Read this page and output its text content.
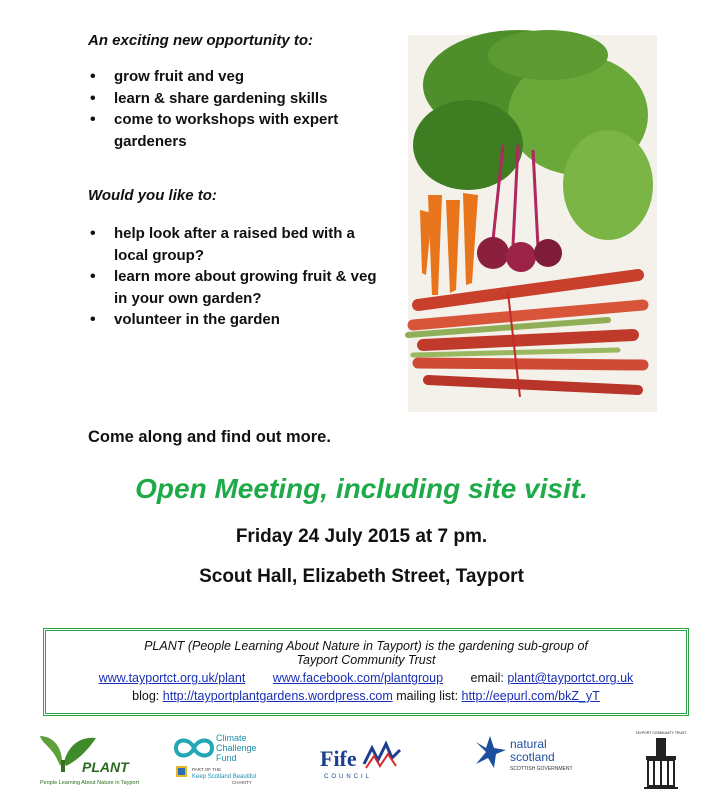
An exciting new opportunity to:
• grow fruit and veg
• learn & share gardening skills
• come to workshops with expert gardeners
Would you like to:
• help look after a raised bed with a local group?
• learn more about growing fruit & veg in your own garden?
• volunteer in the garden
Come along and find out more.
Open Meeting, including site visit.
Friday 24 July 2015 at 7 pm.
Scout Hall, Elizabeth Street, Tayport
PLANT (People Learning About Nature in Tayport) is the gardening sub-group of
Tayport Community Trust
www.tayportct.org.uk/plant www.facebook.com/plantgroup email: plant@tayportct.org.uk
blog: http://tayportplantgardens.wordpress.com mailing list: http://eepurl.com/bkZ_yT
PLANT
People Learning About Nature in Tayport
Climate
Challenge
Fund
PART OF THE
Keep Scotland Beautiful
CHARITY
Fife
COUNCIL
natural
scotland
SCOTTISH GOVERNMENT
TAYPORT COMMUNITY TRUST
